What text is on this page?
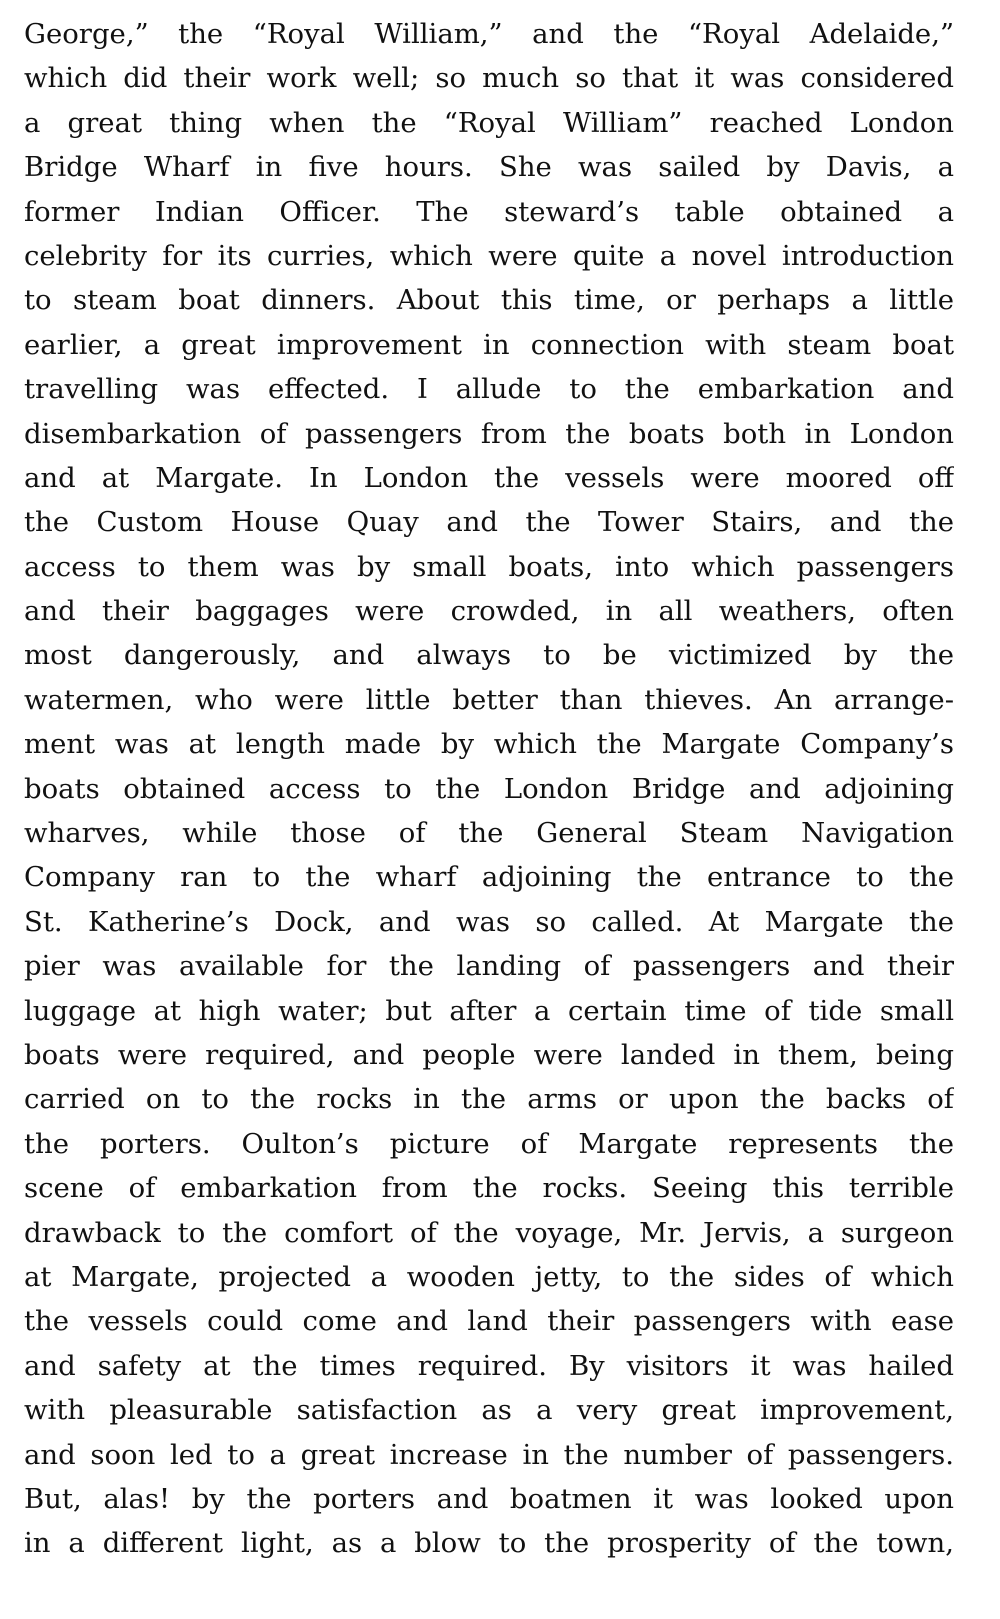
George,” the “Royal William,” and the “Royal Adelaide,”
which did their work well; so much so that it was considered
a great thing when the “Royal William” reached London
Bridge Wharf in five hours. She was sailed by Davis, a
former Indian Officer. The steward’s table obtained a
celebrity for its curries, which were quite a novel introduction
to steam boat dinners. About this time, or perhaps a little
earlier, a great improvement in connection with steam boat
travelling was effected. I allude to the embarkation and
disembarkation of passengers from the boats both in London
and at Margate. In London the vessels were moored off
the Custom House Quay and the Tower Stairs, and the
access to them was by small boats, into which passengers
and their baggages were crowded, in all weathers, often
most dangerously, and always to be victimized by the
watermen, who were little better than thieves. An arrange-
ment was at length made by which the Margate Company’s
boats obtained access to the London Bridge and adjoining
wharves, while those of the General Steam Navigation
Company ran to the wharf adjoining the entrance to the
St. Katherine’s Dock, and was so called. At Margate the
pier was available for the landing of passengers and their
luggage at high water; but after a certain time of tide small
boats were required, and people were landed in them, being
carried on to the rocks in the arms or upon the backs of
the porters. Oulton’s picture of Margate represents the
scene of embarkation from the rocks. Seeing this terrible
drawback to the comfort of the voyage, Mr. Jervis, a surgeon
at Margate, projected a wooden jetty, to the sides of which
the vessels could come and land their passengers with ease
and safety at the times required. By visitors it was hailed
with pleasurable satisfaction as a very great improvement,
and soon led to a great increase in the number of passengers.
But, alas! by the porters and boatmen it was looked upon
in a different light, as a blow to the prosperity of the town,
